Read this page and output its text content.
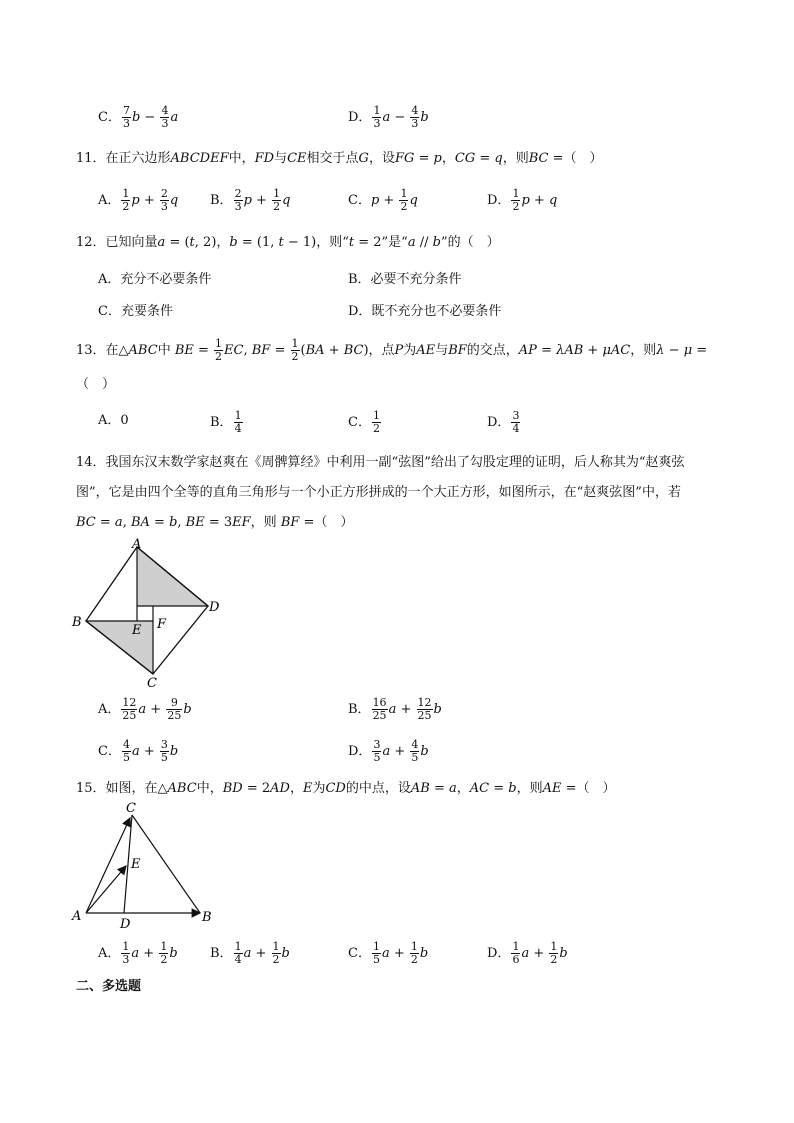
C． $\frac{7}{3}$ $b - \frac{4}{3}$ a	D． $\frac{1}{3}$ $a - \frac{4}{3}$ b
11．在正六边形ABCDEF中，FD与CE相交于点G，设FG = p，CG = q，则BC =（　）
A． $\frac{1}{2}$ $p + \frac{2}{3}$ q B． $\frac{2}{3}$ $p + \frac{1}{2}$ q	C．$p + \frac{1}{2}$ q	D． $\frac{1}{2}$ p + q
12．已知向量a = (t, 2)，b = (1, t − 1)，则“t = 2”是“a // b”的（　）
A．充分不必要条件	B．必要不充分条件
C．充要条件	D．既不充分也不必要条件
13．在△ABC中 BE = $\frac{1}{2}$ EC, BF = $\frac{1}{2} (BA + BC)$，点P为AE与BF的交点，AP = λAB + μAC，则λ − μ =
（　）
A．0	B． $\frac{1}{4}$	C． $\frac{1}{2}$	D． $\frac{3}{4}$
14．我国东汉末数学家赵爽在《周髀算经》中利用一副“弦图”给出了勾股定理的证明，后人称其为“赵爽弦
图”，它是由四个全等的直角三角形与一个小正方形拼成的一个大正方形，如图所示，在“赵爽弦图”中，若
BC = a, BA = b, BE = 3EF，则 BF =（　）
A
B
C
D
E F
A． $\frac{12}{25}$ $a + \frac{9}{25}$ b	B． $\frac{16}{25}$ $a + \frac{12}{25}$ b
C． $\frac{4}{5}$ $a + \frac{3}{5}$ b	D． $\frac{3}{5}$ $a + \frac{4}{5}$ b
15．如图，在△ABC中，BD = 2AD，E为CD的中点，设AB = a，AC = b，则AE =（　）
A	B
C
D
E
A． $\frac{1}{3}$ $a + \frac{1}{2}$ b B． $\frac{1}{4}$ $a + \frac{1}{2}$ b	C． $\frac{1}{5}$ $a + \frac{1}{2}$ b	D． $\frac{1}{6}$ $a + \frac{1}{2}$ b
二、多选题
